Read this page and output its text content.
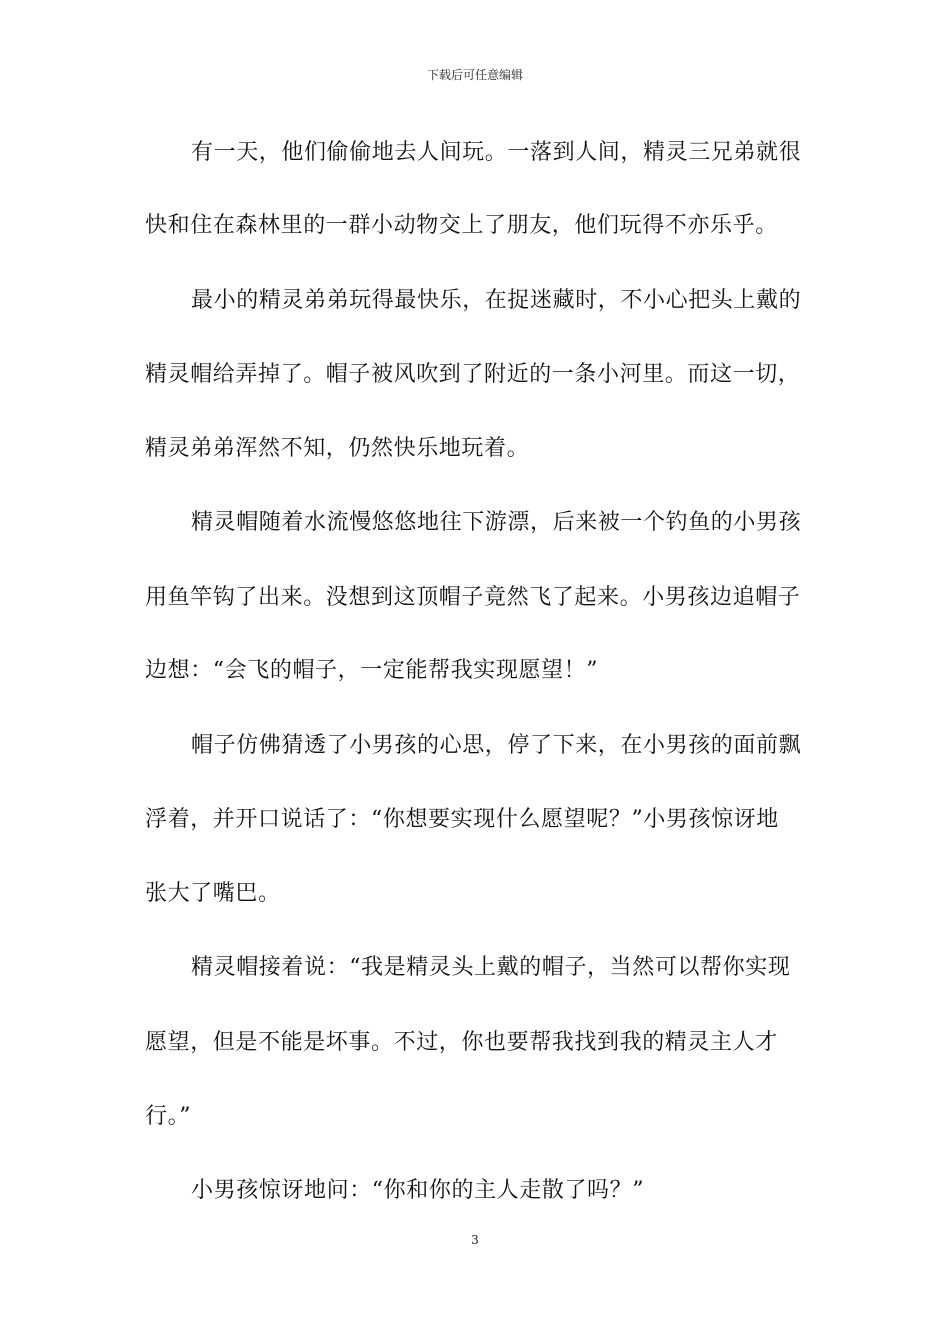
下载后可任意编辑
有一天，他们偷偷地去人间玩。一落到人间，精灵三兄弟就很
快和住在森林里的一群小动物交上了朋友，他们玩得不亦乐乎。
最小的精灵弟弟玩得最快乐，在捉迷藏时，不小心把头上戴的
精灵帽给弄掉了。帽子被风吹到了附近的一条小河里。而这一切，
精灵弟弟浑然不知，仍然快乐地玩着。
精灵帽随着水流慢悠悠地往下游漂，后来被一个钓鱼的小男孩
用鱼竿钩了出来。没想到这顶帽子竟然飞了起来。小男孩边追帽子
边想：“会飞的帽子，一定能帮我实现愿望！”
帽子仿佛猜透了小男孩的心思，停了下来，在小男孩的面前飘
浮着，并开口说话了：“你想要实现什么愿望呢？”小男孩惊讶地
张大了嘴巴。
精灵帽接着说：“我是精灵头上戴的帽子，当然可以帮你实现
愿望，但是不能是坏事。不过，你也要帮我找到我的精灵主人才
行。”
小男孩惊讶地问：“你和你的主人走散了吗？”
3
